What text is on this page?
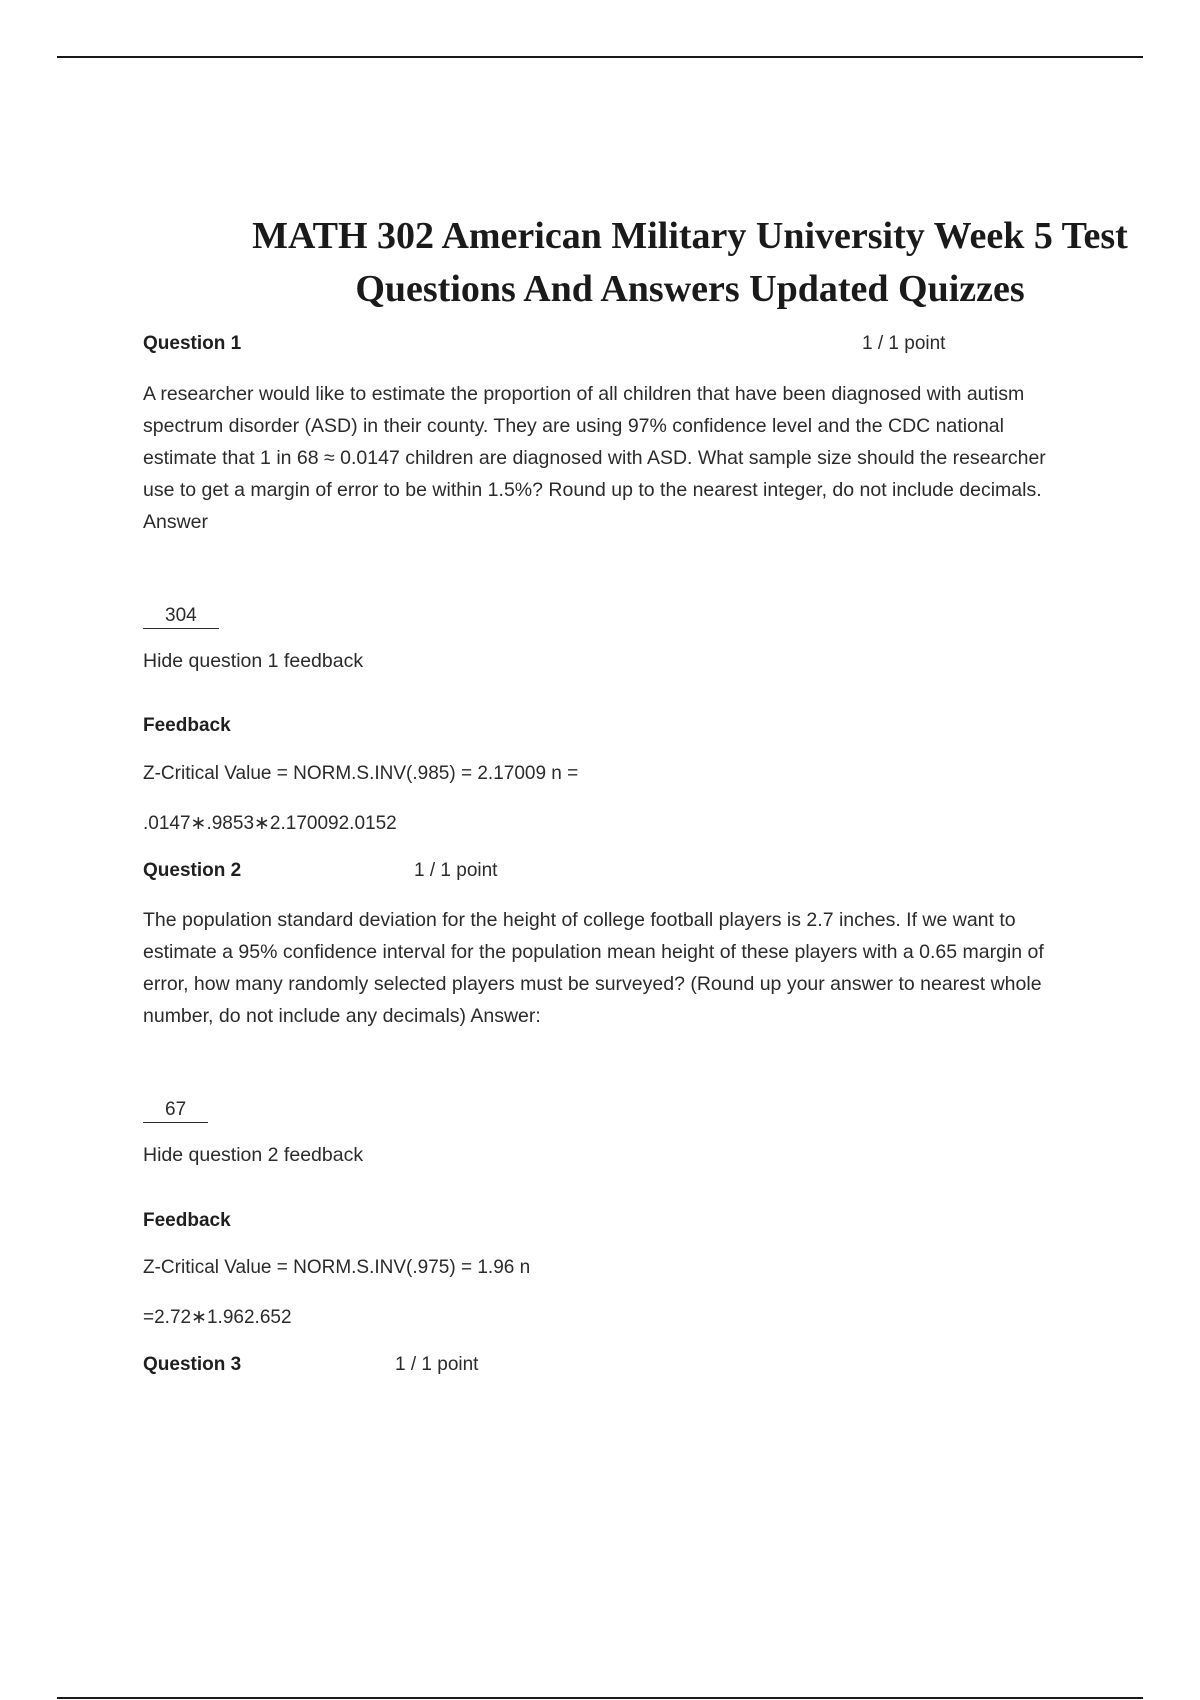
MATH 302 American Military University Week 5 Test
Questions And Answers Updated Quizzes
Question 1	1 / 1 point

A researcher would like to estimate the proportion of all children that have been diagnosed with autism spectrum disorder (ASD) in their county. They are using 97% confidence level and the CDC national estimate that 1 in 68 ≈ 0.0147 children are diagnosed with ASD. What sample size should the researcher use to get a margin of error to be within 1.5%? Round up to the nearest integer, do not include decimals. Answer

304
Hide question 1 feedback
Feedback
Z-Critical Value = NORM.S.INV(.985) = 2.17009 n =
.0147∗.9853∗2.170092.0152
Question 2	1 / 1 point

The population standard deviation for the height of college football players is 2.7 inches. If we want to estimate a 95% confidence interval for the population mean height of these players with a 0.65 margin of error, how many randomly selected players must be surveyed? (Round up your answer to nearest whole number, do not include any decimals) Answer:

67
Hide question 2 feedback
Feedback
Z-Critical Value = NORM.S.INV(.975) = 1.96 n
=2.72∗1.962.652
Question 3	1 / 1 point
